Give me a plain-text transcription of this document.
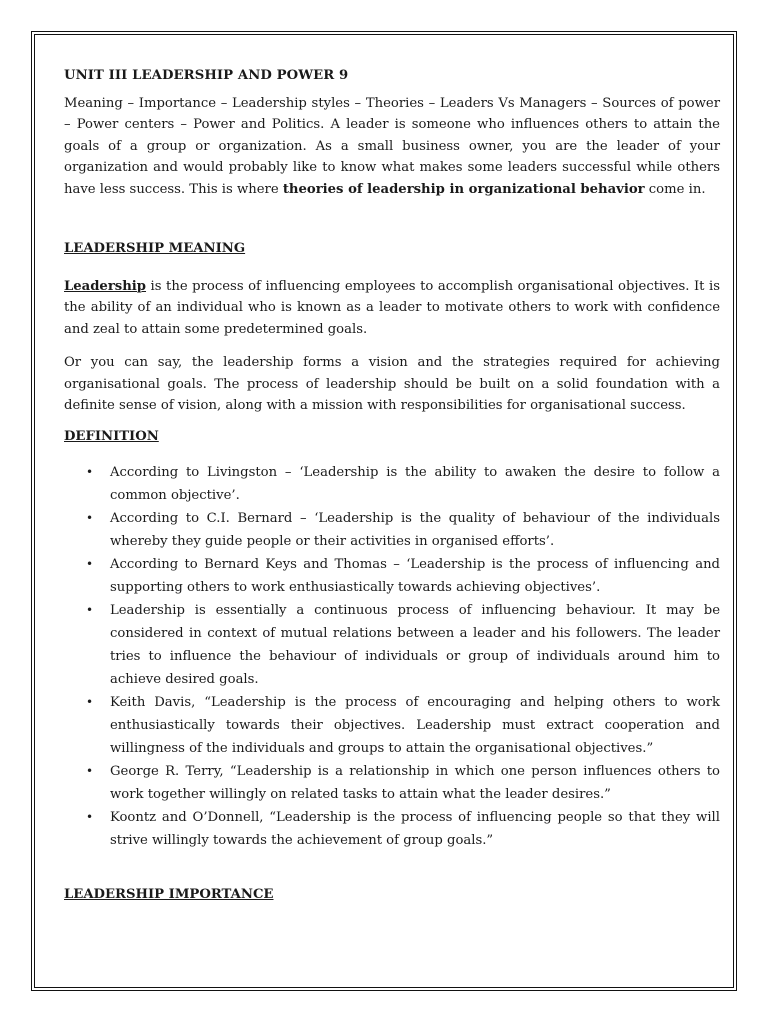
UNIT III LEADERSHIP AND POWER 9

Meaning – Importance – Leadership styles – Theories – Leaders Vs Managers – Sources of power – Power centers – Power and Politics. A leader is someone who influences others to attain the goals of a group or organization. As a small business owner, you are the leader of your organization and would probably like to know what makes some leaders successful while others have less success. This is where theories of leadership in organizational behavior come in.

LEADERSHIP MEANING

Leadership is the process of influencing employees to accomplish organisational objectives. It is the ability of an individual who is known as a leader to motivate others to work with confidence and zeal to attain some predetermined goals.

Or you can say, the leadership forms a vision and the strategies required for achieving organisational goals. The process of leadership should be built on a solid foundation with a definite sense of vision, along with a mission with responsibilities for organisational success.

DEFINITION

• According to Livingston – ‘Leadership is the ability to awaken the desire to follow a common objective’.
• According to C.I. Bernard – ‘Leadership is the quality of behaviour of the individuals whereby they guide people or their activities in organised efforts’.
• According to Bernard Keys and Thomas – ‘Leadership is the process of influencing and supporting others to work enthusiastically towards achieving objectives’.
• Leadership is essentially a continuous process of influencing behaviour. It may be considered in context of mutual relations between a leader and his followers. The leader tries to influence the behaviour of individuals or group of individuals around him to achieve desired goals.
• Keith Davis, “Leadership is the process of encouraging and helping others to work enthusiastically towards their objectives. Leadership must extract cooperation and willingness of the individuals and groups to attain the organisational objectives.”
• George R. Terry, “Leadership is a relationship in which one person influences others to work together willingly on related tasks to attain what the leader desires.”
• Koontz and O’Donnell, “Leadership is the process of influencing people so that they will strive willingly towards the achievement of group goals.”

LEADERSHIP IMPORTANCE
